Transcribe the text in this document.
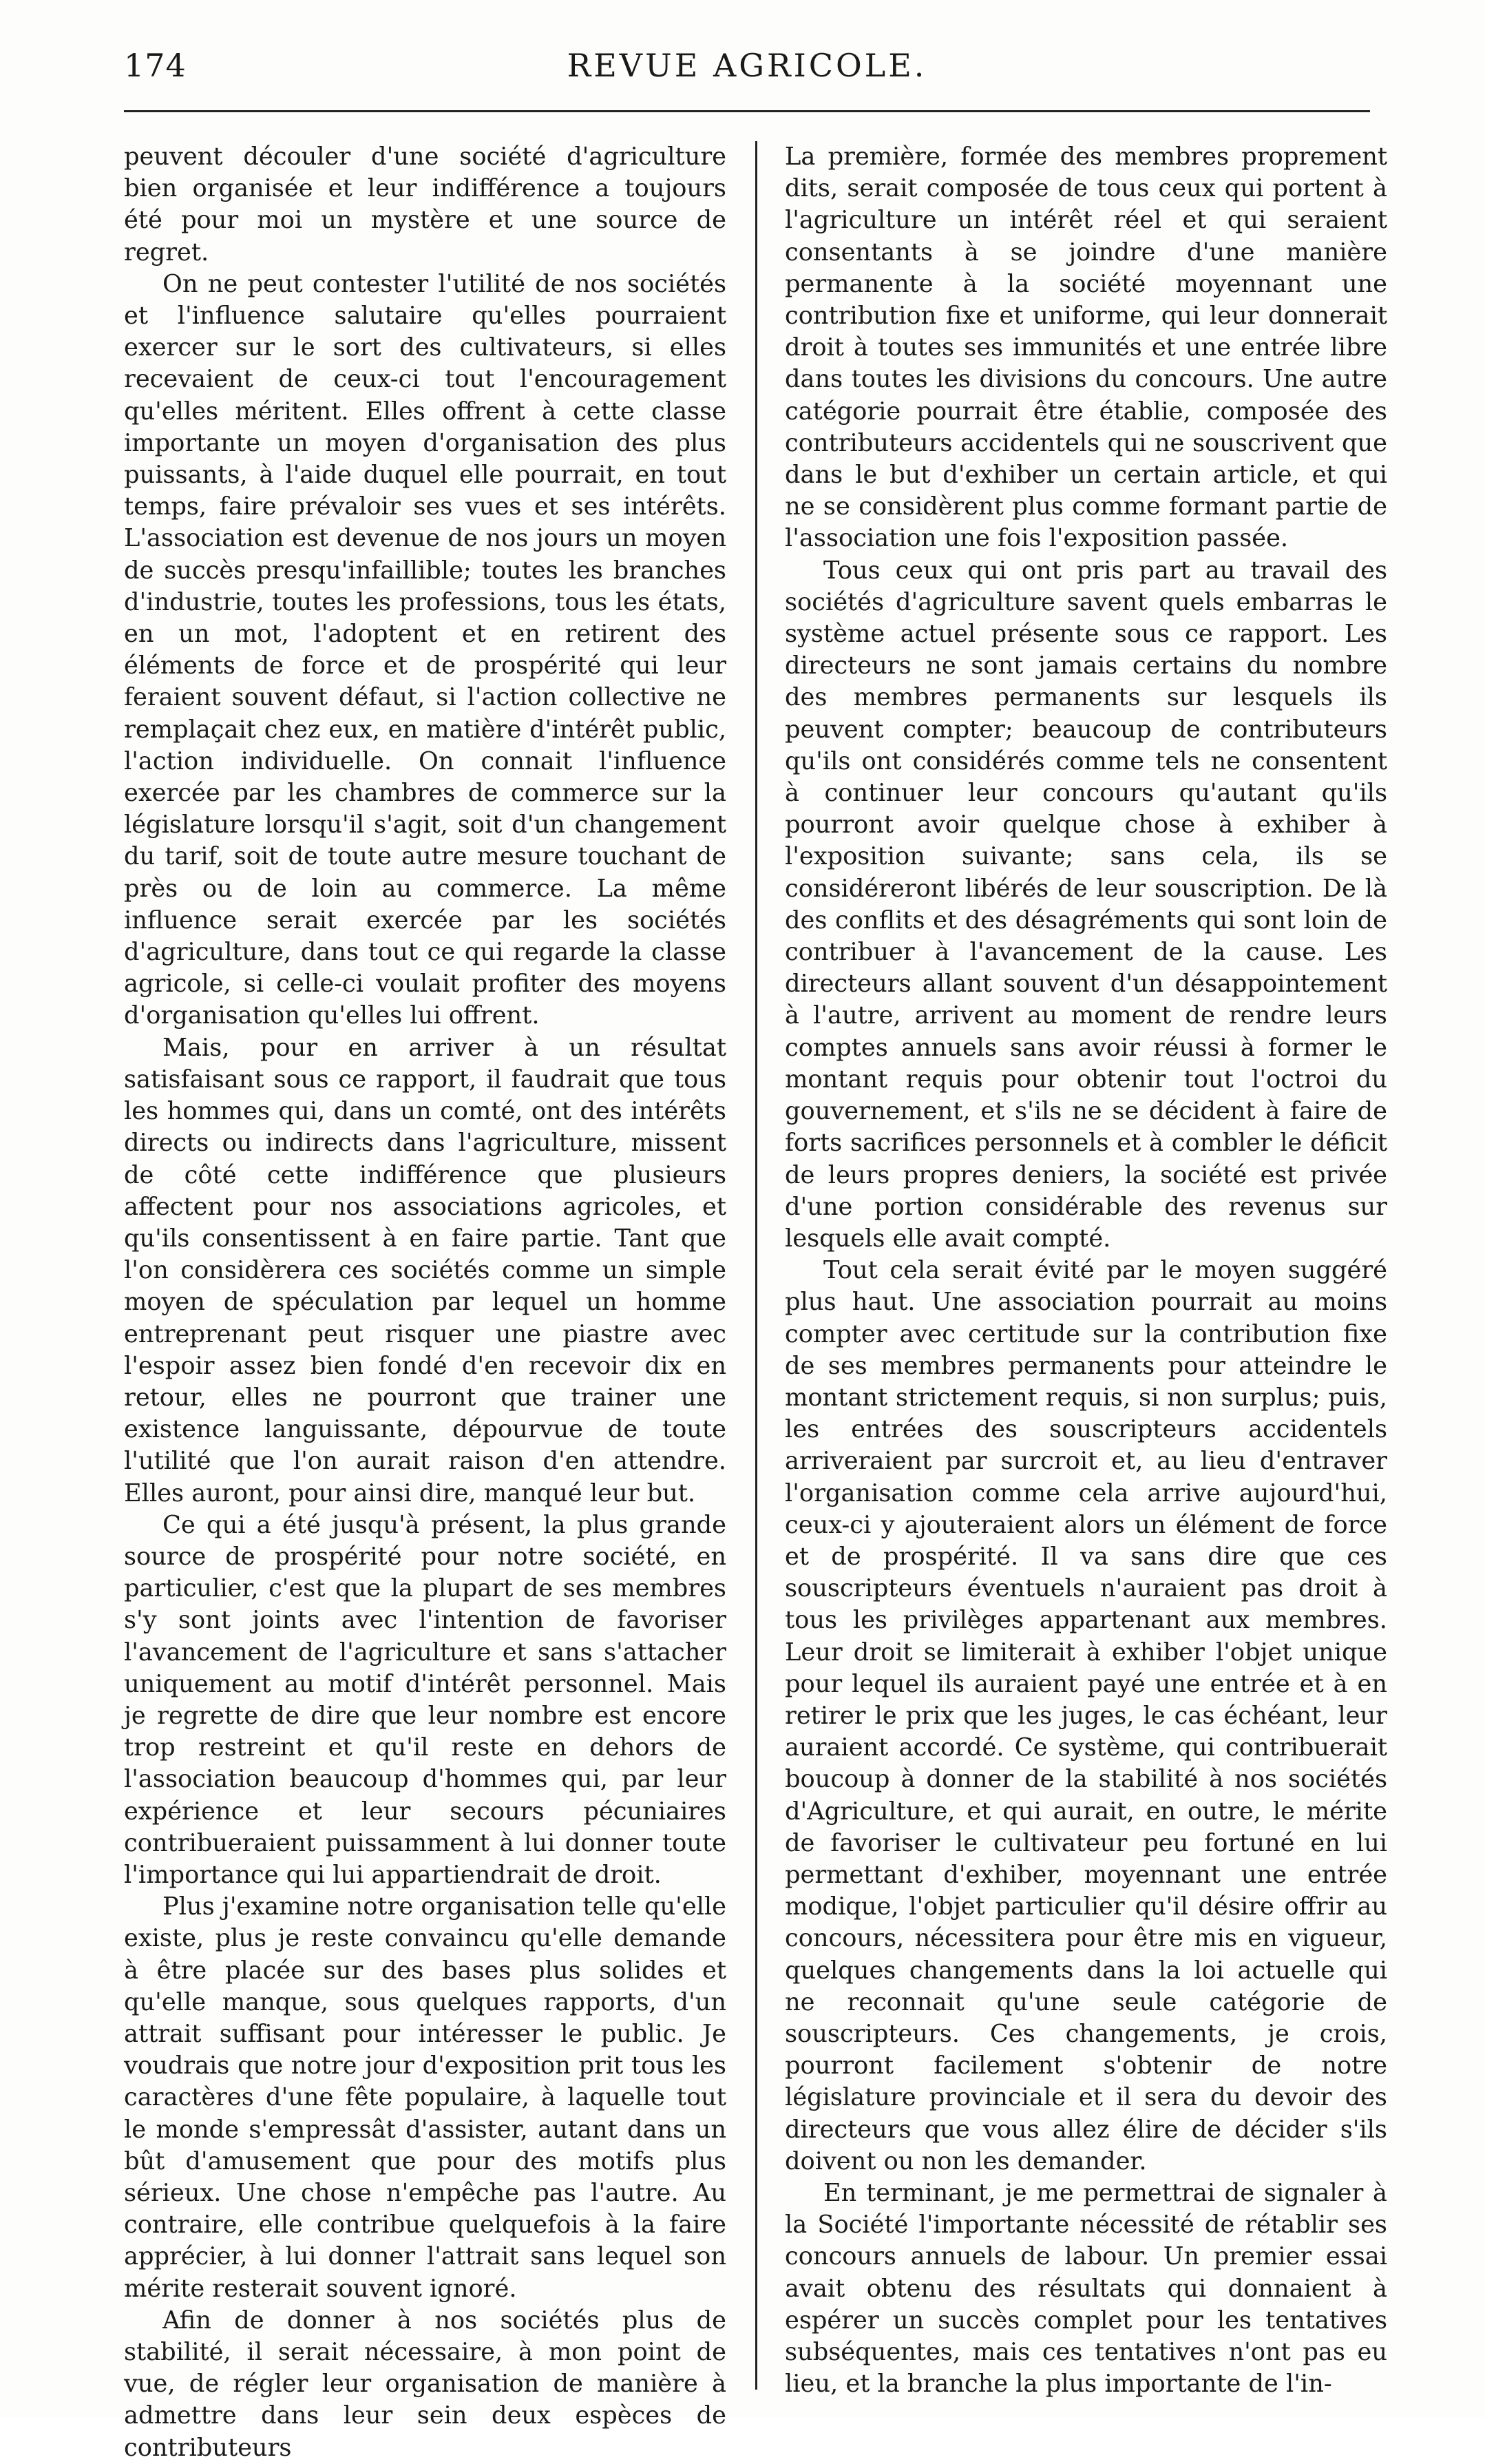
174	REVUE AGRICOLE.

peuvent découler d'une société d'agriculture bien organisée et leur indifférence a toujours été pour moi un mystère et une source de regret.

On ne peut contester l'utilité de nos sociétés et l'influence salutaire qu'elles pourraient exercer sur le sort des cultivateurs, si elles recevaient de ceux-ci tout l'encouragement qu'elles méritent. Elles offrent à cette classe importante un moyen d'organisation des plus puissants, à l'aide duquel elle pourrait, en tout temps, faire prévaloir ses vues et ses intérêts. L'association est devenue de nos jours un moyen de succès presqu'infaillible; toutes les branches d'industrie, toutes les professions, tous les états, en un mot, l'adoptent et en retirent des éléments de force et de prospérité qui leur feraient souvent défaut, si l'action collective ne remplaçait chez eux, en matière d'intérêt public, l'action individuelle. On connait l'influence exercée par les chambres de commerce sur la législature lorsqu'il s'agit, soit d'un changement du tarif, soit de toute autre mesure touchant de près ou de loin au commerce. La même influence serait exercée par les sociétés d'agriculture, dans tout ce qui regarde la classe agricole, si celle-ci voulait profiter des moyens d'organisation qu'elles lui offrent.

Mais, pour en arriver à un résultat satisfaisant sous ce rapport, il faudrait que tous les hommes qui, dans un comté, ont des intérêts directs ou indirects dans l'agriculture, missent de côté cette indifférence que plusieurs affectent pour nos associations agricoles, et qu'ils consentissent à en faire partie. Tant que l'on considèrera ces sociétés comme un simple moyen de spéculation par lequel un homme entreprenant peut risquer une piastre avec l'espoir assez bien fondé d'en recevoir dix en retour, elles ne pourront que trainer une existence languissante, dépourvue de toute l'utilité que l'on aurait raison d'en attendre. Elles auront, pour ainsi dire, manqué leur but.

Ce qui a été jusqu'à présent, la plus grande source de prospérité pour notre société, en particulier, c'est que la plupart de ses membres s'y sont joints avec l'intention de favoriser l'avancement de l'agriculture et sans s'attacher uniquement au motif d'intérêt personnel. Mais je regrette de dire que leur nombre est encore trop restreint et qu'il reste en dehors de l'association beaucoup d'hommes qui, par leur expérience et leur secours pécuniaires contribueraient puissamment à lui donner toute l'importance qui lui appartiendrait de droit.

Plus j'examine notre organisation telle qu'elle existe, plus je reste convaincu qu'elle demande à être placée sur des bases plus solides et qu'elle manque, sous quelques rapports, d'un attrait suffisant pour intéresser le public. Je voudrais que notre jour d'exposition prit tous les caractères d'une fête populaire, à laquelle tout le monde s'empressât d'assister, autant dans un bût d'amusement que pour des motifs plus sérieux. Une chose n'empêche pas l'autre. Au contraire, elle contribue quelquefois à la faire apprécier, à lui donner l'attrait sans lequel son mérite resterait souvent ignoré.

Afin de donner à nos sociétés plus de stabilité, il serait nécessaire, à mon point de vue, de régler leur organisation de manière à admettre dans leur sein deux espèces de contributeurs

La première, formée des membres proprement dits, serait composée de tous ceux qui portent à l'agriculture un intérêt réel et qui seraient consentants à se joindre d'une manière permanente à la société moyennant une contribution fixe et uniforme, qui leur donnerait droit à toutes ses immunités et une entrée libre dans toutes les divisions du concours. Une autre catégorie pourrait être établie, composée des contributeurs accidentels qui ne souscrivent que dans le but d'exhiber un certain article, et qui ne se considèrent plus comme formant partie de l'association une fois l'exposition passée.

Tous ceux qui ont pris part au travail des sociétés d'agriculture savent quels embarras le système actuel présente sous ce rapport. Les directeurs ne sont jamais certains du nombre des membres permanents sur lesquels ils peuvent compter; beaucoup de contributeurs qu'ils ont considérés comme tels ne consentent à continuer leur concours qu'autant qu'ils pourront avoir quelque chose à exhiber à l'exposition suivante; sans cela, ils se considéreront libérés de leur souscription. De là des conflits et des désagréments qui sont loin de contribuer à l'avancement de la cause. Les directeurs allant souvent d'un désappointement à l'autre, arrivent au moment de rendre leurs comptes annuels sans avoir réussi à former le montant requis pour obtenir tout l'octroi du gouvernement, et s'ils ne se décident à faire de forts sacrifices personnels et à combler le déficit de leurs propres deniers, la société est privée d'une portion considérable des revenus sur lesquels elle avait compté.

Tout cela serait évité par le moyen suggéré plus haut. Une association pourrait au moins compter avec certitude sur la contribution fixe de ses membres permanents pour atteindre le montant strictement requis, si non surplus; puis, les entrées des souscripteurs accidentels arriveraient par surcroit et, au lieu d'entraver l'organisation comme cela arrive aujourd'hui, ceux-ci y ajouteraient alors un élément de force et de prospérité. Il va sans dire que ces souscripteurs éventuels n'auraient pas droit à tous les privilèges appartenant aux membres. Leur droit se limiterait à exhiber l'objet unique pour lequel ils auraient payé une entrée et à en retirer le prix que les juges, le cas échéant, leur auraient accordé. Ce système, qui contribuerait boucoup à donner de la stabilité à nos sociétés d'Agriculture, et qui aurait, en outre, le mérite de favoriser le cultivateur peu fortuné en lui permettant d'exhiber, moyennant une entrée modique, l'objet particulier qu'il désire offrir au concours, nécessitera pour être mis en vigueur, quelques changements dans la loi actuelle qui ne reconnait qu'une seule catégorie de souscripteurs. Ces changements, je crois, pourront facilement s'obtenir de notre législature provinciale et il sera du devoir des directeurs que vous allez élire de décider s'ils doivent ou non les demander.

En terminant, je me permettrai de signaler à la Société l'importante nécessité de rétablir ses concours annuels de labour. Un premier essai avait obtenu des résultats qui donnaient à espérer un succès complet pour les tentatives subséquentes, mais ces tentatives n'ont pas eu lieu, et la branche la plus importante de l'in-
